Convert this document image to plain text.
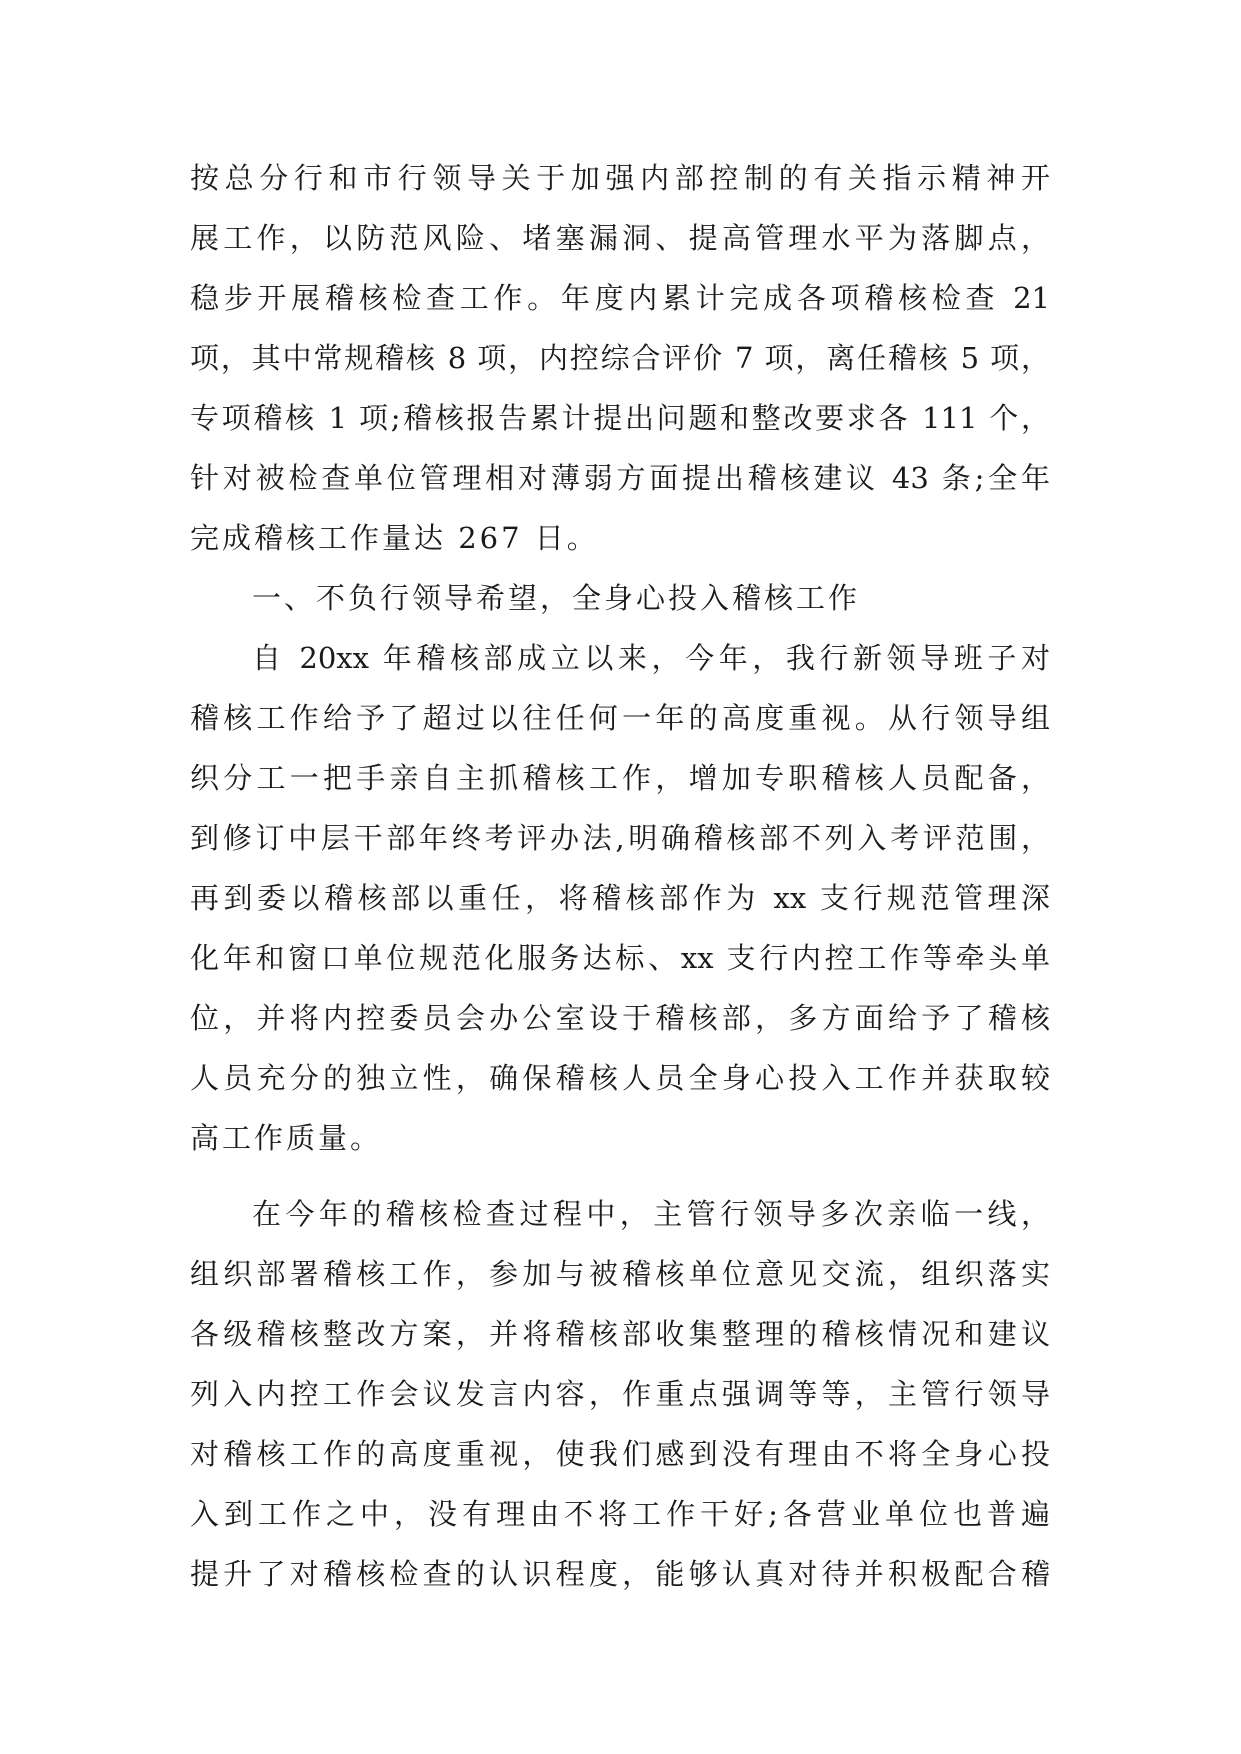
按总分行和市行领导关于加强内部控制的有关指示精神开
展工作，以防范风险、堵塞漏洞、提高管理水平为落脚点，
稳步开展稽核检查工作。年度内累计完成各项稽核检查 21
项，其中常规稽核 8 项，内控综合评价 7 项，离任稽核 5 项，
专项稽核 1 项;稽核报告累计提出问题和整改要求各 111 个，
针对被检查单位管理相对薄弱方面提出稽核建议 43 条;全年
完成稽核工作量达 267 日。
一、不负行领导希望，全身心投入稽核工作
自 20xx 年稽核部成立以来，今年，我行新领导班子对
稽核工作给予了超过以往任何一年的高度重视。从行领导组
织分工一把手亲自主抓稽核工作，增加专职稽核人员配备，
到修订中层干部年终考评办法,明确稽核部不列入考评范围，
再到委以稽核部以重任，将稽核部作为 xx 支行规范管理深
化年和窗口单位规范化服务达标、xx 支行内控工作等牵头单
位，并将内控委员会办公室设于稽核部，多方面给予了稽核
人员充分的独立性，确保稽核人员全身心投入工作并获取较
高工作质量。
在今年的稽核检查过程中，主管行领导多次亲临一线，
组织部署稽核工作，参加与被稽核单位意见交流，组织落实
各级稽核整改方案，并将稽核部收集整理的稽核情况和建议
列入内控工作会议发言内容，作重点强调等等，主管行领导
对稽核工作的高度重视，使我们感到没有理由不将全身心投
入到工作之中，没有理由不将工作干好;各营业单位也普遍
提升了对稽核检查的认识程度，能够认真对待并积极配合稽
